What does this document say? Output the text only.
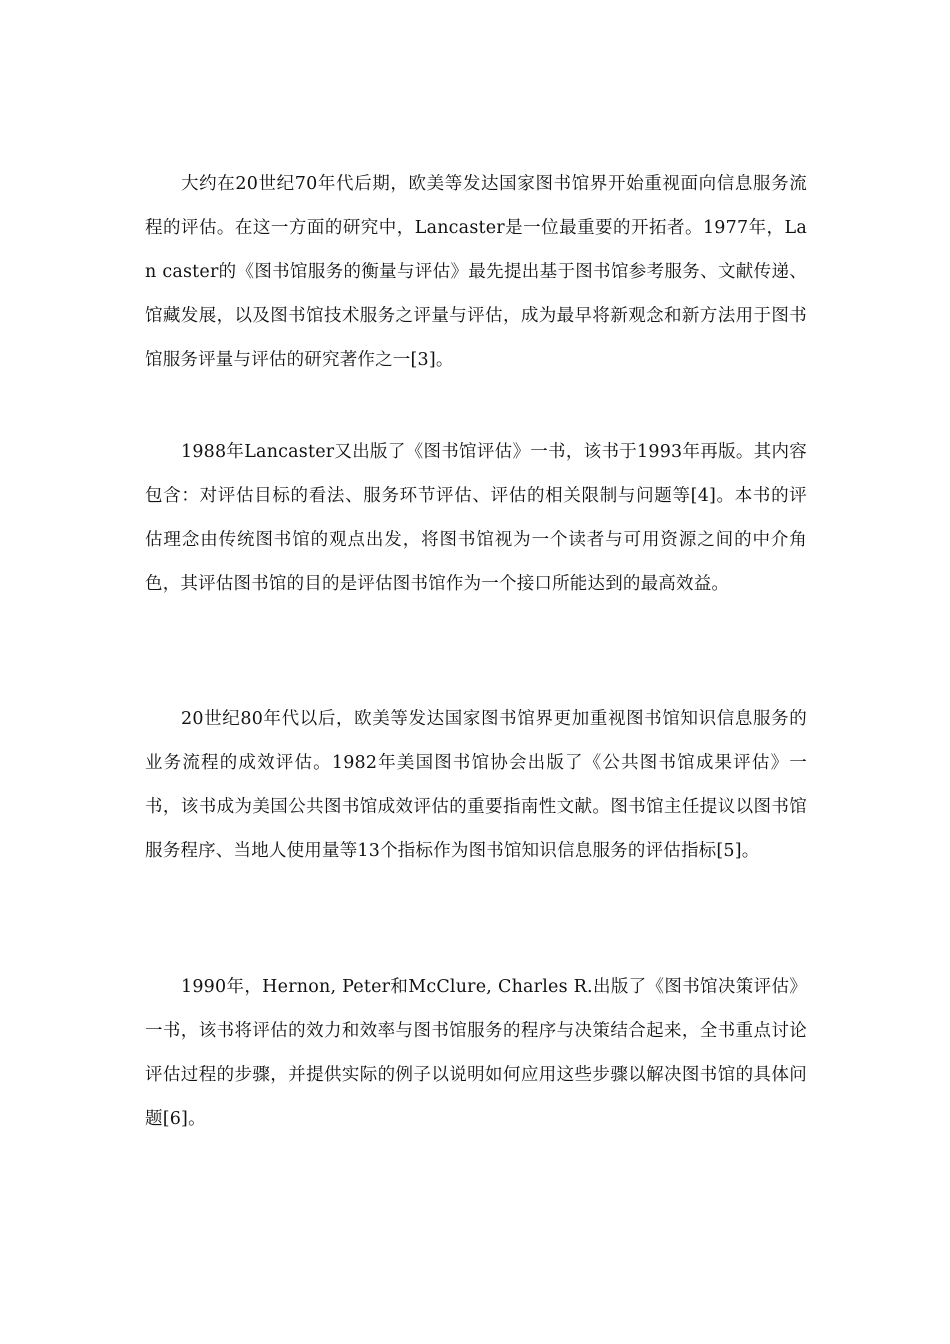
大约在20世纪70年代后期，欧美等发达国家图书馆界开始重视面向信息服务流程的评估。在这一方面的研究中，Lancaster是一位最重要的开拓者。1977年，Lan caster的《图书馆服务的衡量与评估》最先提出基于图书馆参考服务、文献传递、馆藏发展，以及图书馆技术服务之评量与评估，成为最早将新观念和新方法用于图书馆服务评量与评估的研究著作之一[3]。

1988年Lancaster又出版了《图书馆评估》一书，该书于1993年再版。其内容包含：对评估目标的看法、服务环节评估、评估的相关限制与问题等[4]。本书的评估理念由传统图书馆的观点出发，将图书馆视为一个读者与可用资源之间的中介角色，其评估图书馆的目的是评估图书馆作为一个接口所能达到的最高效益。

20世纪80年代以后，欧美等发达国家图书馆界更加重视图书馆知识信息服务的业务流程的成效评估。1982年美国图书馆协会出版了《公共图书馆成果评估》一书，该书成为美国公共图书馆成效评估的重要指南性文献。图书馆主任提议以图书馆服务程序、当地人使用量等13个指标作为图书馆知识信息服务的评估指标[5]。

1990年，Hernon, Peter和McClure, Charles R.出版了《图书馆决策评估》一书，该书将评估的效力和效率与图书馆服务的程序与决策结合起来，全书重点讨论评估过程的步骤，并提供实际的例子以说明如何应用这些步骤以解决图书馆的具体问题[6]。
